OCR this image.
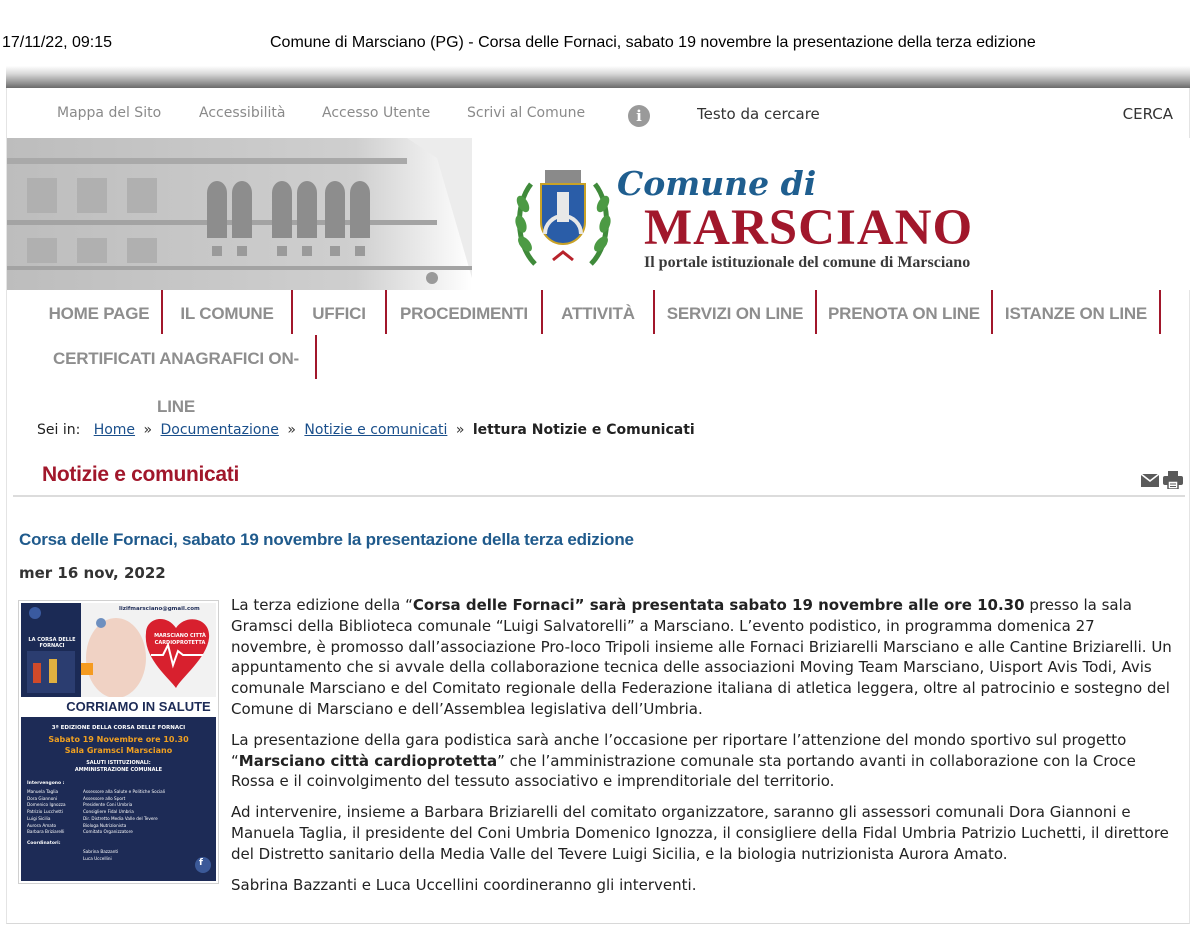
17/11/22, 09:15	Comune di Marsciano (PG) - Corsa delle Fornaci, sabato 19 novembre la presentazione della terza edizione
Mappa del Sito	Accessibilità	Accesso Utente	Scrivi al Comune	i
Testo da cercare	CERCA
Comune di
MARSCIANO
Il portale istituzionale del comune di Marsciano
HOME PAGE	IL COMUNE	UFFICI	PROCEDIMENTI	ATTIVITÀ	SERVIZI ON LINE	PRENOTA ON LINE	ISTANZE ON LINE
CERTIFICATI ANAGRAFICI ON-LINE
Sei in: Home » Documentazione » Notizie e comunicati » lettura Notizie e Comunicati
Notizie e comunicati
Corsa delle Fornaci, sabato 19 novembre la presentazione della terza edizione
mer 16 nov, 2022
lizifmarsciano@gmail.com
LA CORSA DELLE FORNACI
MARSCIANO CITTÀ
CARDIOPROTETTA
CORRIAMO IN SALUTE
3ª EDIZIONE DELLA CORSA DELLE FORNACI
Sabato 19 Novembre ore 10.30
Sala Gramsci Marsciano
SALUTI ISTITUZIONALI:
AMMINISTRAZIONE COMUNALE
Intervengono :
Manuela Taglia	Assessore alla Salute e Politiche Sociali
Dora Giannoni	Assessore allo Sport
Domenico Ignozza	Presidente Coni Umbria
Patrizio Lucchetti	Consigliere Fidal Umbria
Luigi Sicilia	Dir. Distretto Media Valle del Tevere
Aurora Amato	Biologa Nutrizionista
Barbara Briziarelli	Comitato Organizzatore
Coordinatori:
Sabrina Bazzanti
Luca Uccellini	f

La terza edizione della “Corsa delle Fornaci” sarà presentata sabato 19 novembre alle ore 10.30 presso la sala Gramsci della Biblioteca comunale “Luigi Salvatorelli” a Marsciano. L’evento podistico, in programma domenica 27 novembre, è promosso dall’associazione Pro-loco Tripoli insieme alle Fornaci Briziarelli Marsciano e alle Cantine Briziarelli. Un appuntamento che si avvale della collaborazione tecnica delle associazioni Moving Team Marsciano, Uisport Avis Todi, Avis comunale Marsciano e del Comitato regionale della Federazione italiana di atletica leggera, oltre al patrocinio e sostegno del Comune di Marsciano e dell’Assemblea legislativa dell’Umbria.

La presentazione della gara podistica sarà anche l’occasione per riportare l’attenzione del mondo sportivo sul progetto “Marsciano città cardioprotetta” che l’amministrazione comunale sta portando avanti in collaborazione con la Croce Rossa e il coinvolgimento del tessuto associativo e imprenditoriale del territorio.

Ad intervenire, insieme a Barbara Briziarelli del comitato organizzatore, saranno gli assessori comunali Dora Giannoni e Manuela Taglia, il presidente del Coni Umbria Domenico Ignozza, il consigliere della Fidal Umbria Patrizio Luchetti, il direttore del Distretto sanitario della Media Valle del Tevere Luigi Sicilia, e la biologia nutrizionista Aurora Amato.

Sabrina Bazzanti e Luca Uccellini coordineranno gli interventi.
